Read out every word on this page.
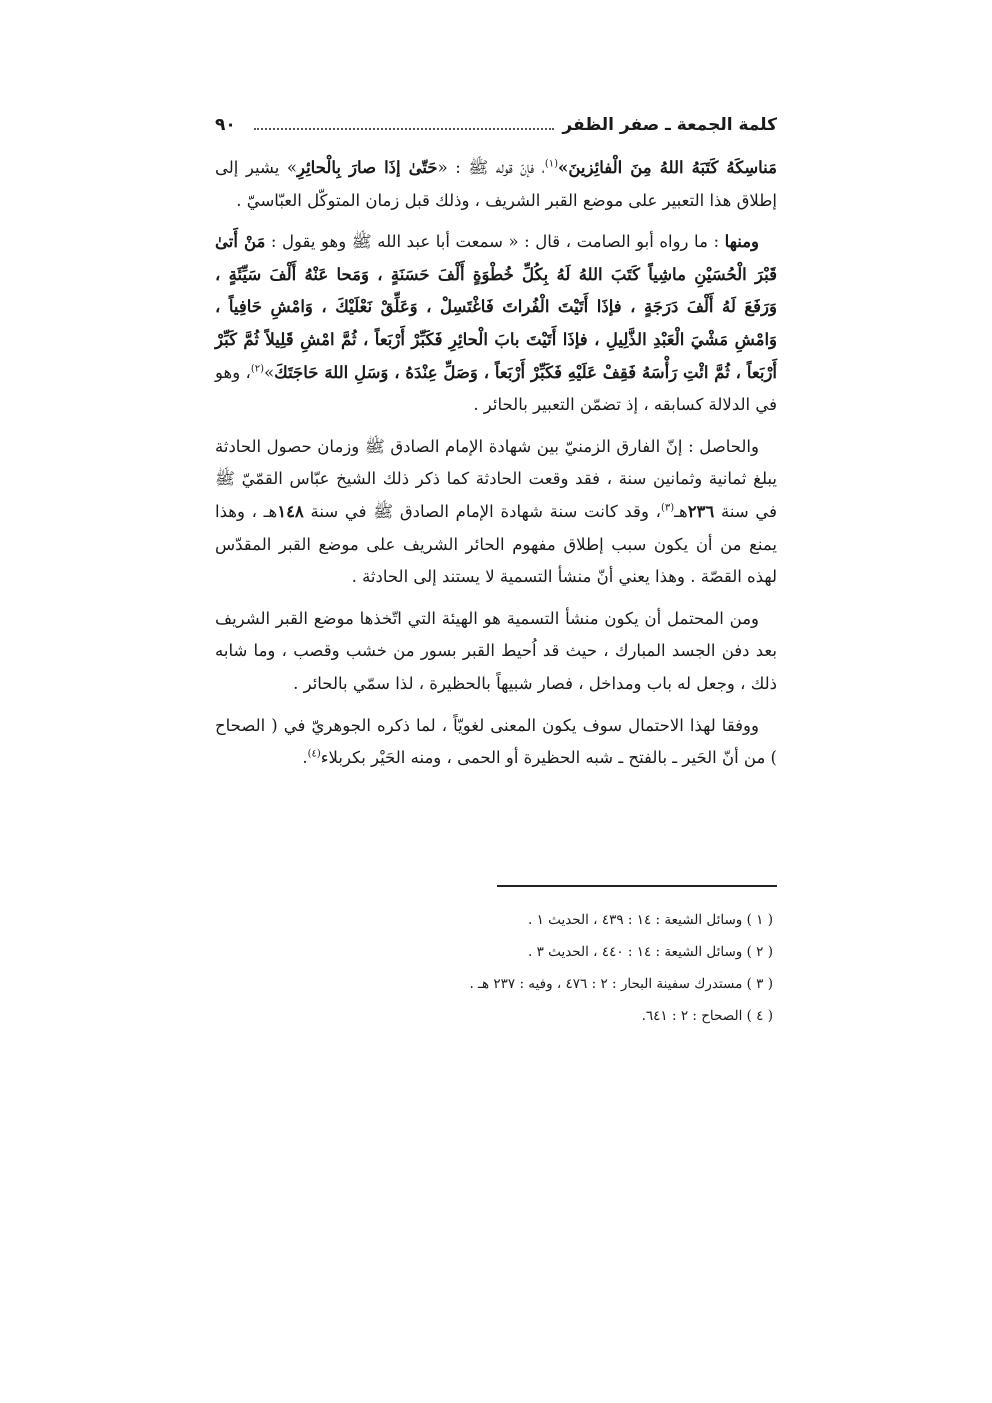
٩٠	كلمة الجمعة ـ صفر الظفر

مَناسِكَهُ كَتَبَهُ اللهُ مِنَ الْفائِزينَ»$^{(١)}$، فإنّ قوله ﷺ : «حَتّىٰ إذَا صارَ بِالْحائِرِ» يشير إلى إطلاق هذا التعبير على موضع القبر الشريف ، وذلك قبل زمان المتوكّل العبّاسيّ .

ومنها : ما رواه أبو الصامت ، قال : « سمعت أبا عبد الله ﷺ وهو يقول : مَنْ أَتىٰ قَبْرَ الْحُسَيْنِ ماشِياً كَتَبَ اللهُ لَهُ بِكُلِّ خُطْوَةٍ أَلْفَ حَسَنَةٍ ، وَمَحا عَنْهُ أَلْفَ سَيِّئَةٍ ، وَرَفَعَ لَهُ أَلْفَ دَرَجَةٍ ، فإذَا أَتَيْتَ الْفُراتَ فَاغْتَسِلْ ، وَعَلِّقْ نَعْلَيْكَ ، وَامْشِ حَافِياً ، وَامْشِ مَشْيَ الْعَبْدِ الذَّلِيلِ ، فإذَا أَتَيْتَ بابَ الْحائِرِ فَكَبِّرْ أَرْبَعاً ، ثُمَّ امْشِ قَلِيلاً ثُمَّ كَبِّرْ أَرْبَعاً ، ثُمَّ ائْتِ رَأْسَهُ فَقِفْ عَلَيْهِ فَكَبِّرْ أَرْبَعاً ، وَصَلِّ عِنْدَهُ ، وَسَلِ اللهَ حَاجَتَكَ»$^{(٢)}$، وهو في الدلالة كسابقه ، إذ تضمّن التعبير بالحائر .

والحاصل : إنّ الفارق الزمنيّ بين شهادة الإمام الصادق ﷺ وزمان حصول الحادثة يبلغ ثمانية وثمانين سنة ، فقد وقعت الحادثة كما ذكر ذلك الشيخ عبّاس القمّيّ ﷺ في سنة ٢٣٦هـ$^{(٣)}$، وقد كانت سنة شهادة الإمام الصادق ﷺ في سنة ١٤٨هـ ، وهذا يمنع من أن يكون سبب إطلاق مفهوم الحائر الشريف على موضع القبر المقدّس لهذه القصّة . وهذا يعني أنّ منشأ التسمية لا يستند إلى الحادثة .

ومن المحتمل أن يكون منشأ التسمية هو الهيئة التي اتّخذها موضع القبر الشريف بعد دفن الجسد المبارك ، حيث قد اُحيط القبر بسور من خشب وقصب ، وما شابه ذلك ، وجعل له باب ومداخل ، فصار شبيهاً بالحظيرة ، لذا سمّي بالحائر .

ووفقا لهذا الاحتمال سوف يكون المعنى لغويّاً ، لما ذكره الجوهريّ في ( الصحاح ) من أنّ الحَير ـ بالفتح ـ شبه الحظيرة أو الحمى ، ومنه الحَيْر بكربلاء$^{(٤)}$.

( ١ ) وسائل الشيعة : ١٤ : ٤٣٩ ، الحديث ١ .

( ٢ ) وسائل الشيعة : ١٤ : ٤٤٠ ، الحديث ٣ .

( ٣ ) مستدرك سفينة البحار : ٢ : ٤٧٦ ، وفيه : ٢٣٧ هـ .

( ٤ ) الصحاح : ٢ : ٦٤١.
